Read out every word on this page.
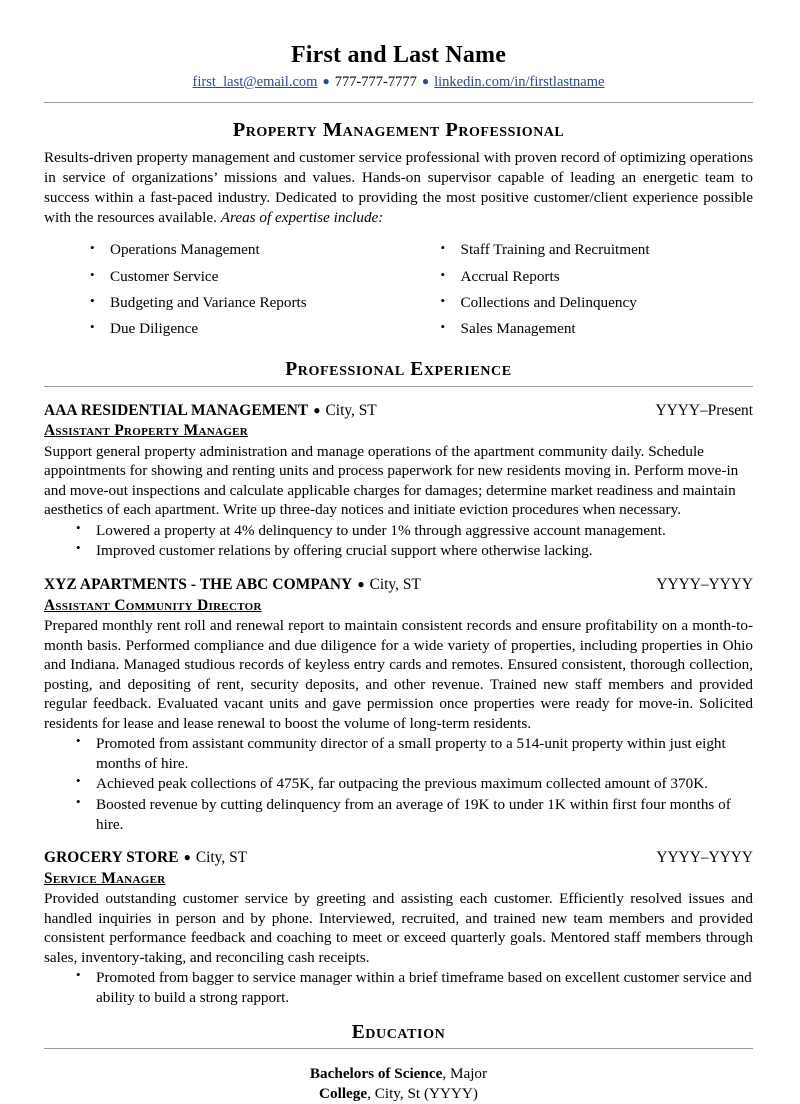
First and Last Name

first_last@email.com ● 777-777-7777 ● linkedin.com/in/firstlastname

Property Management Professional

Results-driven property management and customer service professional with proven record of optimizing operations in service of organizations’ missions and values. Hands-on supervisor capable of leading an energetic team to success within a fast-paced industry. Dedicated to providing the most positive customer/client experience possible with the resources available. Areas of expertise include:

• Operations Management
• Customer Service
• Budgeting and Variance Reports
• Due Diligence
• Staff Training and Recruitment
• Accrual Reports
• Collections and Delinquency
• Sales Management
Professional Experience
AAA RESIDENTIAL MANAGEMENT ● City, ST	YYYY–Present
Assistant Property Manager

Support general property administration and manage operations of the apartment community daily. Schedule appointments for showing and renting units and process paperwork for new residents moving in. Perform move-in and move-out inspections and calculate applicable charges for damages; determine market readiness and maintain aesthetics of each apartment. Write up three-day notices and initiate eviction procedures when necessary.

• Lowered a property at 4% delinquency to under 1% through aggressive account management.
• Improved customer relations by offering crucial support where otherwise lacking.
XYZ APARTMENTS - THE ABC COMPANY ● City, ST	YYYY–YYYY
Assistant Community Director

Prepared monthly rent roll and renewal report to maintain consistent records and ensure profitability on a month-to-month basis. Performed compliance and due diligence for a wide variety of properties, including properties in Ohio and Indiana. Managed studious records of keyless entry cards and remotes. Ensured consistent, thorough collection, posting, and depositing of rent, security deposits, and other revenue. Trained new staff members and provided regular feedback. Evaluated vacant units and gave permission once properties were ready for move-in. Solicited residents for lease and lease renewal to boost the volume of long-term residents.

• Promoted from assistant community director of a small property to a 514-unit property within just eight months of hire.
• Achieved peak collections of 475K, far outpacing the previous maximum collected amount of 370K.
• Boosted revenue by cutting delinquency from an average of 19K to under 1K within first four months of hire.
GROCERY STORE ● City, ST	YYYY–YYYY
Service Manager

Provided outstanding customer service by greeting and assisting each customer. Efficiently resolved issues and handled inquiries in person and by phone. Interviewed, recruited, and trained new team members and provided consistent performance feedback and coaching to meet or exceed quarterly goals. Mentored staff members through sales, inventory-taking, and reconciling cash receipts.

• Promoted from bagger to service manager within a brief timeframe based on excellent customer service and ability to build a strong rapport.
Education
Bachelors of Science, Major
College, City, St (YYYY)
